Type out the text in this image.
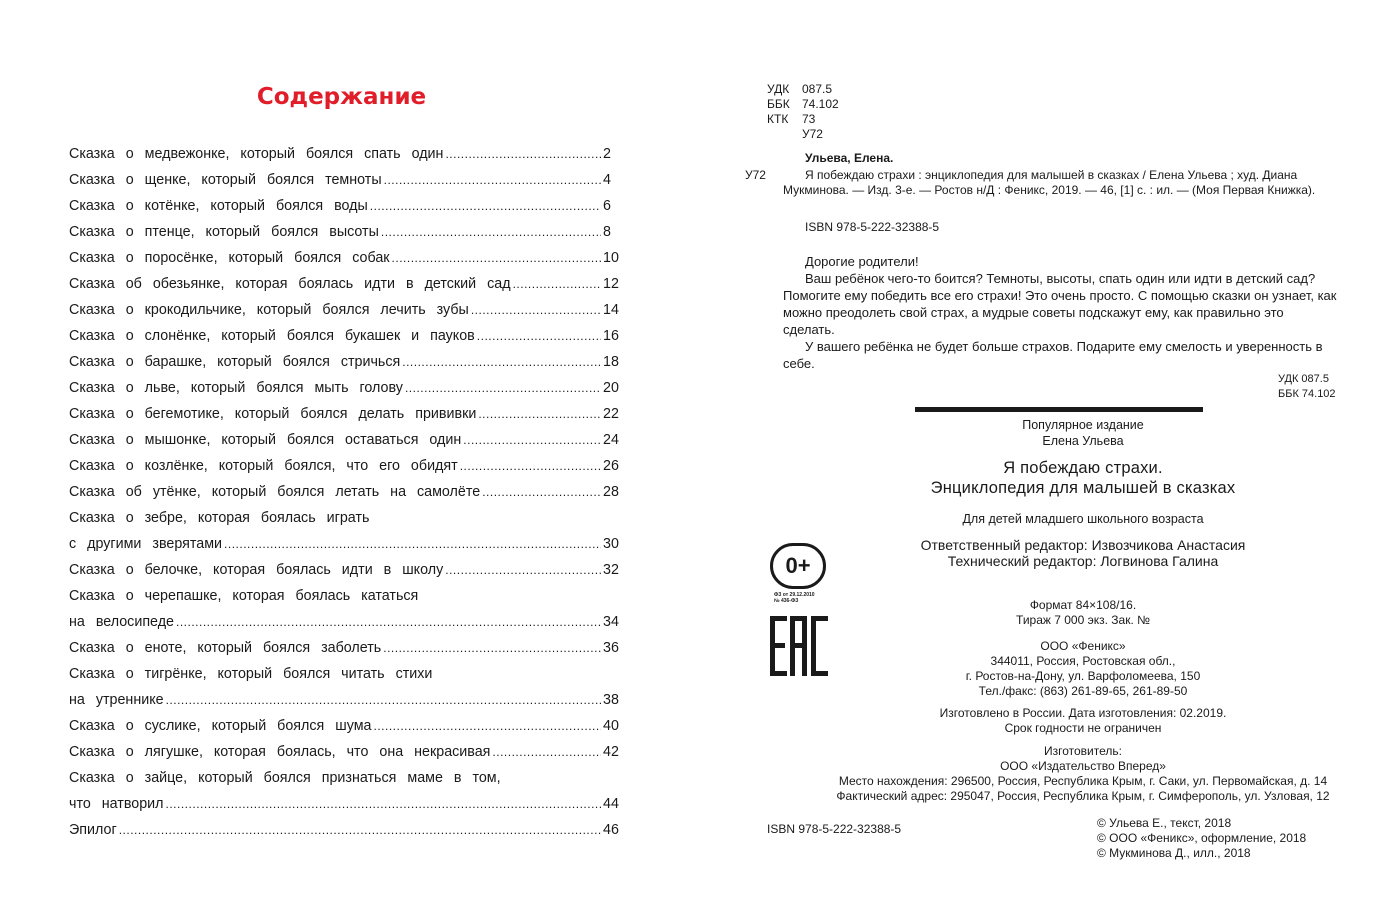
Содержание
Сказка о медвежонке, который боялся спать один .....	2
Сказка о щенке, который боялся темноты .....	4
Сказка о котёнке, который боялся воды .....	6
Сказка о птенце, который боялся высоты .....	8
Сказка о поросёнке, который боялся собак .....	10
Сказка об обезьянке, которая боялась идти в детский сад .....	12
Сказка о крокодильчике, который боялся лечить зубы .....	14
Сказка о слонёнке, который боялся букашек и пауков .....	16
Сказка о барашке, который боялся стричься .....	18
Сказка о льве, который боялся мыть голову .....	20
Сказка о бегемотике, который боялся делать прививки .....	22
Сказка о мышонке, который боялся оставаться один .....	24
Сказка о козлёнке, который боялся, что его обидят .....	26
Сказка об утёнке, который боялся летать на самолёте .....	28
Сказка о зебре, которая боялась играть
с другими зверятами .....	30
Сказка о белочке, которая боялась идти в школу .....	32
Сказка о черепашке, которая боялась кататься
на велосипеде .....	34
Сказка о еноте, который боялся заболеть .....	36
Сказка о тигрёнке, который боялся читать стихи
на утреннике .....	38
Сказка о суслике, который боялся шума .....	40
Сказка о лягушке, которая боялась, что она некрасивая .....	42
Сказка о зайце, который боялся признаться маме в том,
что натворил .....	44
Эпилог .....	46
УДК 087.5
ББК 74.102
КТК 73
У72
Ульева, Елена.
У72	Я побеждаю страхи : энциклопедия для малышей в сказках / Елена Ульева ; худ. Диана
Мукминова. — Изд. 3-е. — Ростов н/Д : Феникс, 2019. — 46, [1] с. : ил. — (Моя Первая Книжка).
ISBN 978-5-222-32388-5

Дорогие родители!

Ваш ребёнок чего-то боится? Темноты, высоты, спать один или идти в детский сад? Помогите ему победить все его страхи! Это очень просто. С помощью сказки он узнает, как можно преодолеть свой страх, а мудрые советы подскажут ему, как правильно это сделать.

У вашего ребёнка не будет больше страхов. Подарите ему смелость и уверенность в себе.

УДК 087.5
ББК 74.102
Популярное издание
Елена Ульева
Я побеждаю страхи.
Энциклопедия для малышей в сказках
Для детей младшего школьного возраста
Ответственный редактор: Извозчикова Анастасия
Технический редактор: Логвинова Галина
Формат 84×108/16.
Тираж 7 000 экз. Зак. №
ООО «Феникс»
344011, Россия, Ростовская обл.,
г. Ростов-на-Дону, ул. Варфоломеева, 150
Тел./факс: (863) 261-89-65, 261-89-50
Изготовлено в России. Дата изготовления: 02.2019.
Срок годности не ограничен
Изготовитель:
ООО «Издательство Вперед»
Место нахождения: 296500, Россия, Республика Крым, г. Саки, ул. Первомайская, д. 14
Фактический адрес: 295047, Россия, Республика Крым, г. Симферополь, ул. Узловая, 12
0+
ФЗ от 29.12.2010
№ 436-ФЗ
ISBN 978-5-222-32388-5	© Ульева Е., текст, 2018
© ООО «Феникс», оформление, 2018
© Мукминова Д., илл., 2018
